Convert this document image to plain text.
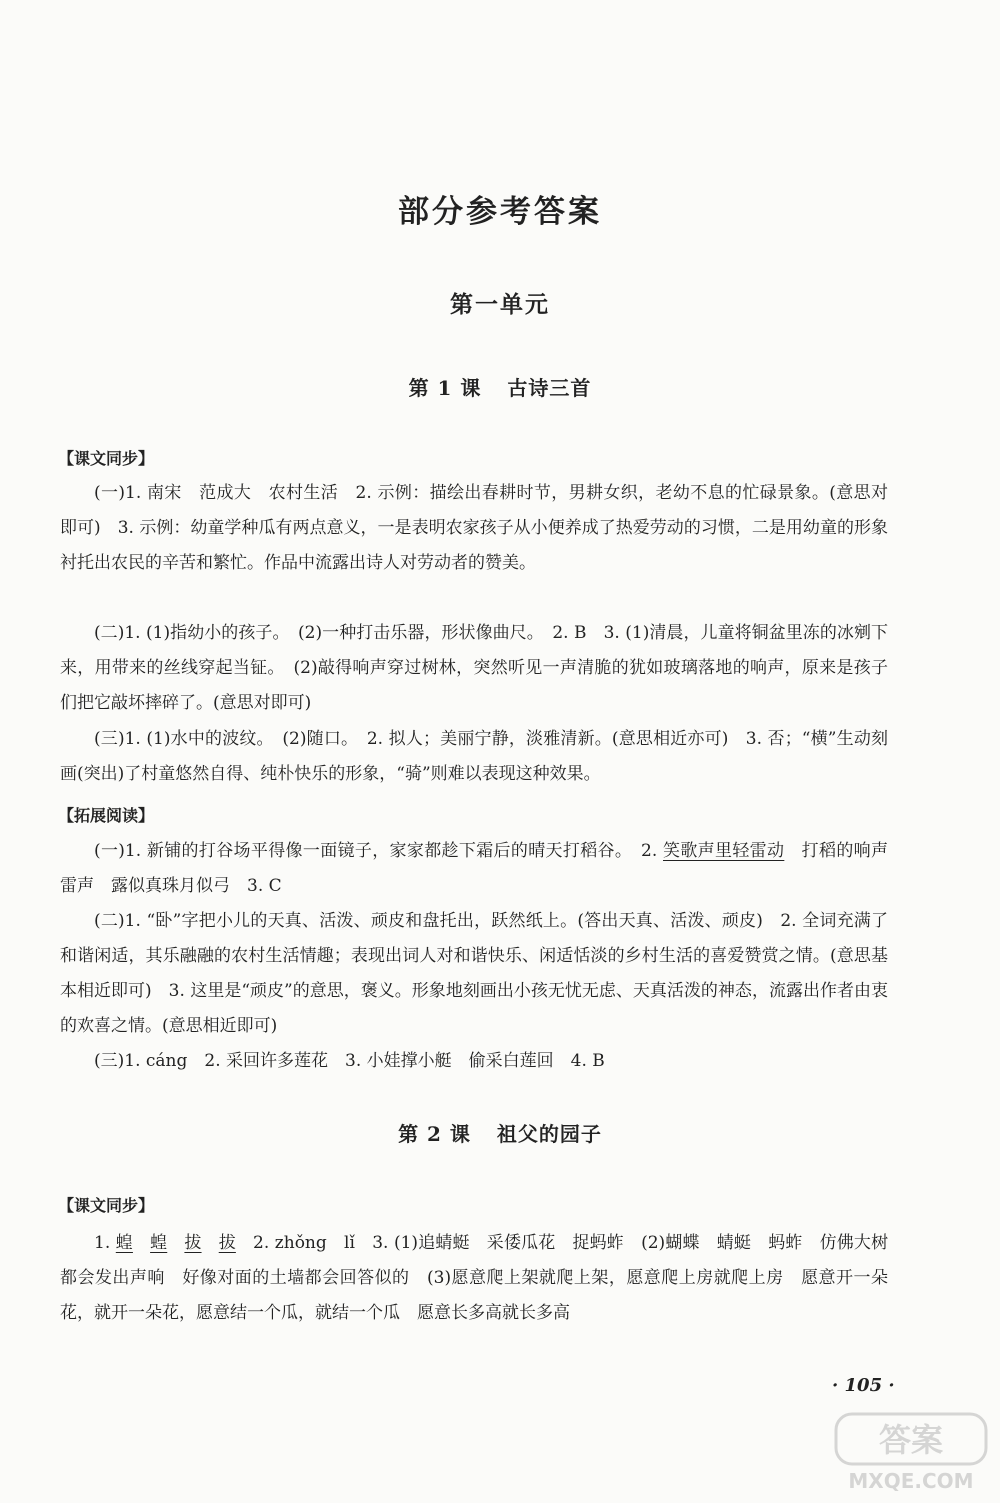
部分参考答案
第一单元
第 1 课 古诗三首

【课文同步】

(一)1. 南宋　范成大　农村生活　2. 示例：描绘出春耕时节，男耕女织，老幼不息的忙碌景象。(意思对即可)　3. 示例：幼童学种瓜有两点意义，一是表明农家孩子从小便养成了热爱劳动的习惯，二是用幼童的形象衬托出农民的辛苦和繁忙。作品中流露出诗人对劳动者的赞美。

(二)1. (1)指幼小的孩子。　(2)一种打击乐器，形状像曲尺。　2. B　3. (1)清晨，儿童将铜盆里冻的冰剜下来，用带来的丝线穿起当钲。　(2)敲得响声穿过树林，突然听见一声清脆的犹如玻璃落地的响声，原来是孩子们把它敲坏摔碎了。(意思对即可)

(三)1. (1)水中的波纹。　(2)随口。　2. 拟人；美丽宁静，淡雅清新。(意思相近亦可)　3. 否；“横”生动刻画(突出)了村童悠然自得、纯朴快乐的形象，“骑”则难以表现这种效果。

【拓展阅读】

(一)1. 新铺的打谷场平得像一面镜子，家家都趁下霜后的晴天打稻谷。　2. 笑歌声里轻雷动　打稻的响声　雷声　露似真珠月似弓　3. C

(二)1. “卧”字把小儿的天真、活泼、顽皮和盘托出，跃然纸上。(答出天真、活泼、顽皮)　2. 全词充满了和谐闲适，其乐融融的农村生活情趣；表现出词人对和谐快乐、闲适恬淡的乡村生活的喜爱赞赏之情。(意思基本相近即可)　3. 这里是“顽皮”的意思，褒义。形象地刻画出小孩无忧无虑、天真活泼的神态，流露出作者由衷的欢喜之情。(意思相近即可)

(三)1. cáng　2. 采回许多莲花　3. 小娃撑小艇　偷采白莲回　4. B

第 2 课 祖父的园子

【课文同步】

1. 蝗　 蝗　 拔　 拔　2. zhǒng　lǐ　3. (1)追蜻蜓　采倭瓜花　捉蚂蚱　(2)蝴蝶　蜻蜓　蚂蚱　仿佛大树都会发出声响　好像对面的土墙都会回答似的　(3)愿意爬上架就爬上架，愿意爬上房就爬上房　愿意开一朵花，就开一朵花，愿意结一个瓜，就结一个瓜　愿意长多高就长多高

· 105 ·

答案
MXQE.COM
